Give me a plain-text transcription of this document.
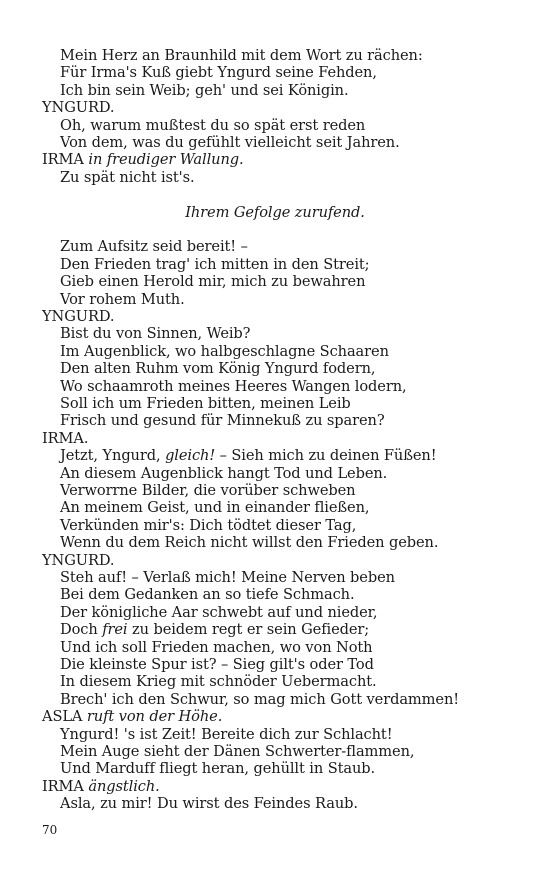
Mein Herz an Braunhild mit dem Wort zu rächen:
Für Irma's Kuß giebt Yngurd seine Fehden,
Ich bin sein Weib; geh' und sei Königin.
YNGURD.
Oh, warum mußtest du so spät erst reden
Von dem, was du gefühlt vielleicht seit Jahren.
IRMA in freudiger Wallung.
Zu spät nicht ist's.
Ihrem Gefolge zurufend.
Zum Aufsitz seid bereit! –
Den Frieden trag' ich mitten in den Streit;
Gieb einen Herold mir, mich zu bewahren
Vor rohem Muth.
YNGURD.
Bist du von Sinnen, Weib?
Im Augenblick, wo halbgeschlagne Schaaren
Den alten Ruhm vom König Yngurd fodern,
Wo schaamroth meines Heeres Wangen lodern,
Soll ich um Frieden bitten, meinen Leib
Frisch und gesund für Minnekuß zu sparen?
IRMA.
Jetzt, Yngurd, gleich! – Sieh mich zu deinen Füßen!
An diesem Augenblick hangt Tod und Leben.
Verworrne Bilder, die vorüber schweben
An meinem Geist, und in einander fließen,
Verkünden mir's: Dich tödtet dieser Tag,
Wenn du dem Reich nicht willst den Frieden geben.
YNGURD.
Steh auf! – Verlaß mich! Meine Nerven beben
Bei dem Gedanken an so tiefe Schmach.
Der königliche Aar schwebt auf und nieder,
Doch frei zu beidem regt er sein Gefieder;
Und ich soll Frieden machen, wo von Noth
Die kleinste Spur ist? – Sieg gilt's oder Tod
In diesem Krieg mit schnöder Uebermacht.
Brech' ich den Schwur, so mag mich Gott verdammen!
ASLA ruft von der Höhe.
Yngurd! 's ist Zeit! Bereite dich zur Schlacht!
Mein Auge sieht der Dänen Schwerter-flammen,
Und Marduff fliegt heran, gehüllt in Staub.
IRMA ängstlich.
Asla, zu mir! Du wirst des Feindes Raub.
70
